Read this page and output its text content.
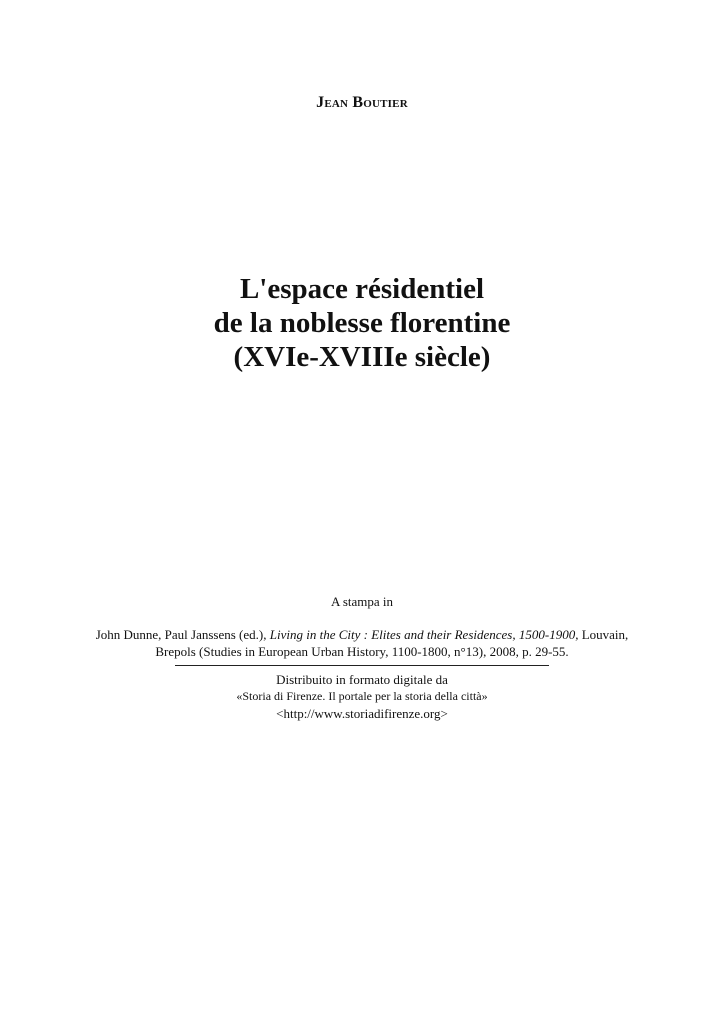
Jean Boutier
L'espace résidentiel
de la noblesse florentine
(XVIe-XVIIIe siècle)
A stampa in
John Dunne, Paul Janssens (ed.), Living in the City : Elites and their Residences, 1500-1900, Louvain,
Brepols (Studies in European Urban History, 1100-1800, n°13), 2008, p. 29-55.
Distribuito in formato digitale da
«Storia di Firenze. Il portale per la storia della città»
<http://www.storiadifirenze.org>
